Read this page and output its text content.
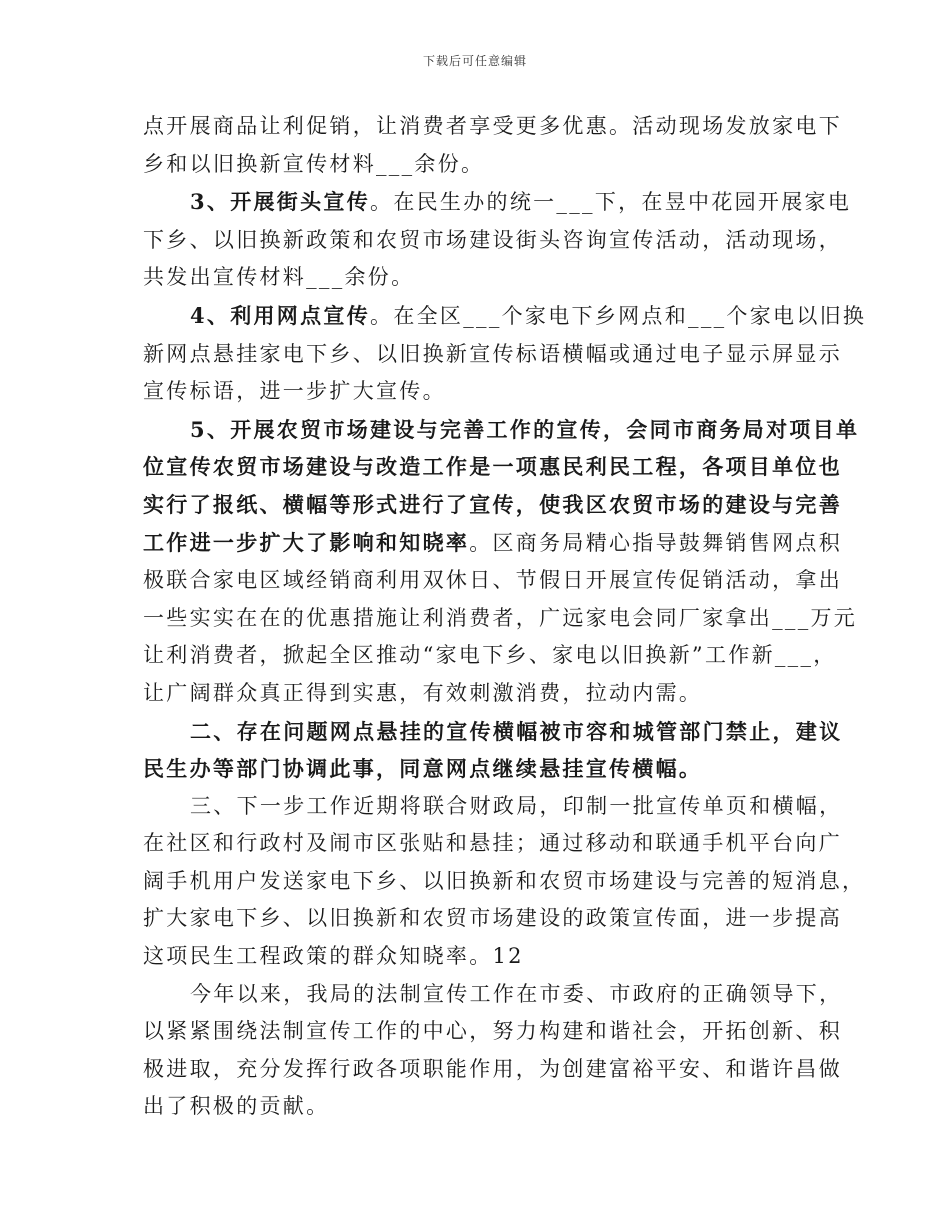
下载后可任意编辑

点开展商品让利促销，让消费者享受更多优惠。活动现场发放家电下
乡和以旧换新宣传材料___余份。

3、开展街头宣传。在民生办的统一___下，在昱中花园开展家电
下乡、以旧换新政策和农贸市场建设街头咨询宣传活动，活动现场，
共发出宣传材料___余份。

4、利用网点宣传。在全区___个家电下乡网点和___个家电以旧换
新网点悬挂家电下乡、以旧换新宣传标语横幅或通过电子显示屏显示
宣传标语，进一步扩大宣传。

5、开展农贸市场建设与完善工作的宣传，会同市商务局对项目单
位宣传农贸市场建设与改造工作是一项惠民利民工程，各项目单位也
实行了报纸、横幅等形式进行了宣传，使我区农贸市场的建设与完善
工作进一步扩大了影响和知晓率。区商务局精心指导鼓舞销售网点积
极联合家电区域经销商利用双休日、节假日开展宣传促销活动，拿出
一些实实在在的优惠措施让利消费者，广远家电会同厂家拿出___万元
让利消费者，掀起全区推动“家电下乡、家电以旧换新”工作新___，
让广阔群众真正得到实惠，有效刺激消费，拉动内需。

二、存在问题网点悬挂的宣传横幅被市容和城管部门禁止，建议
民生办等部门协调此事，同意网点继续悬挂宣传横幅。

三、下一步工作近期将联合财政局，印制一批宣传单页和横幅，
在社区和行政村及闹市区张贴和悬挂；通过移动和联通手机平台向广
阔手机用户发送家电下乡、以旧换新和农贸市场建设与完善的短消息，
扩大家电下乡、以旧换新和农贸市场建设的政策宣传面，进一步提高
这项民生工程政策的群众知晓率。12

今年以来，我局的法制宣传工作在市委、市政府的正确领导下，
以紧紧围绕法制宣传工作的中心，努力构建和谐社会，开拓创新、积
极进取，充分发挥行政各项职能作用，为创建富裕平安、和谐许昌做
出了积极的贡献。
